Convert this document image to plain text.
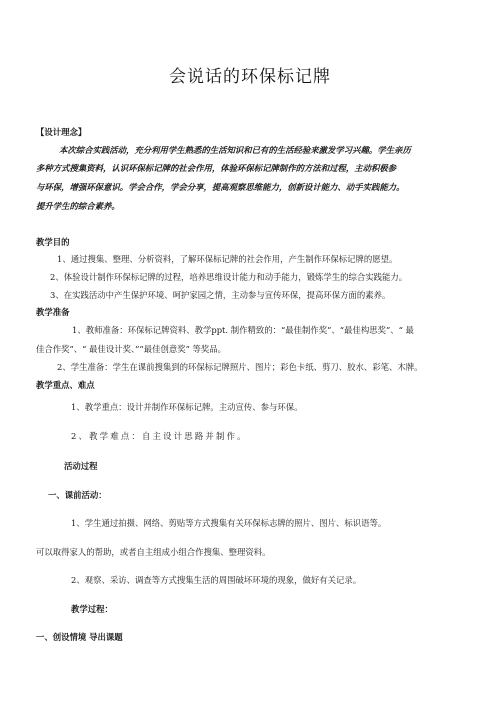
会说话的环保标记牌
【设计理念】
本次综合实践活动，充分利用学生熟悉的生活知识和已有的生活经验来激发学习兴趣。学生亲历
多种方式搜集资料，认识环保标记牌的社会作用，体验环保标记牌制作的方法和过程，主动积极参
与环保，增强环保意识。学会合作，学会分享，提高观察思维能力，创新设计能力、动手实践能力。
提升学生的综合素养。
教学目的
1、通过搜集、整理、分析资料，了解环保标记牌的社会作用，产生制作环保标记牌的愿望。
2、体验设计制作环保标记牌的过程，培养思维设计能力和动手能力，锻炼学生的综合实践能力。
3、在实践活动中产生保护环境、呵护家园之情，主动参与宣传环保，提高环保方面的素养。
教学准备
1、教师准备：环保标记牌资料、教学ppt. 制作精致的：“最佳制作奖”、“最佳构思奖”、“ 最
佳合作奖”、“ 最佳设计奖、”“最佳创意奖” 等奖品。
2、学生准备：学生在课前搜集到的环保标记牌照片、图片；彩色卡纸、剪刀、胶水、彩笔、木牌。
教学重点、难点
1、教学重点：设计并制作环保标记牌。主动宣传、参与环保。
2、教学难点：自主设计思路并制作。
活动过程
一、课前活动：
1、学生通过拍摄、网络、剪贴等方式搜集有关环保标志牌的照片、图片、标识语等。
可以取得家人的帮助，或者自主组成小组合作搜集、整理资料。
2、观察、采访、调查等方式搜集生活的周围破坏环境的现象，做好有关记录。
教学过程：
一、创设情境 导出课题
